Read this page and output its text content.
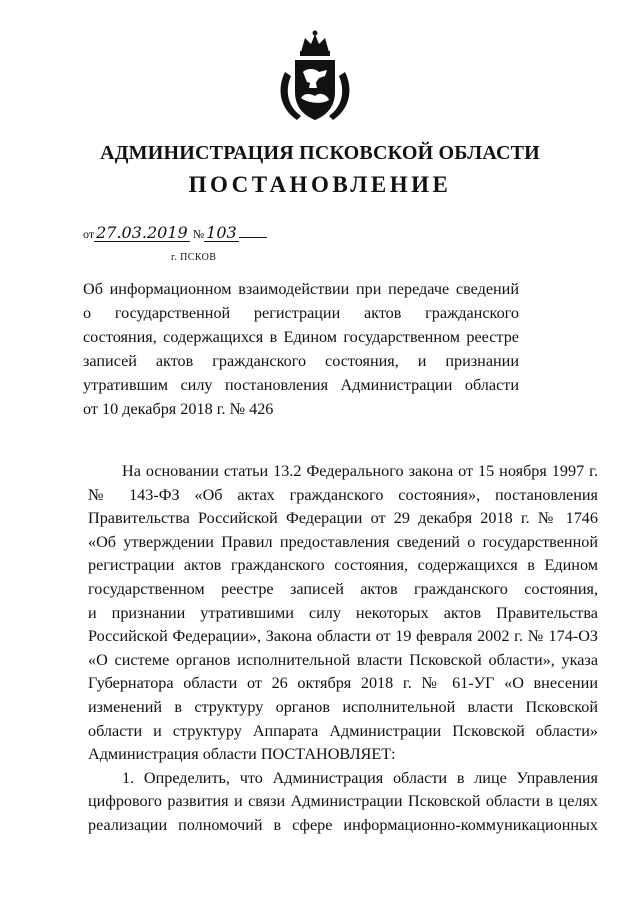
АДМИНИСТРАЦИЯ ПСКОВСКОЙ ОБЛАСТИ
ПОСТАНОВЛЕНИЕ
от 27.03.2019 № 103
г. ПСКОВ
Об информационном взаимодействии при передаче сведений
о государственной регистрации актов гражданского
состояния, содержащихся в Едином государственном реестре
записей актов гражданского состояния, и признании
утратившим силу постановления Администрации области
от 10 декабря 2018 г. № 426
На основании статьи 13.2 Федерального закона от 15 ноября 1997 г.
№ 143-ФЗ «Об актах гражданского состояния», постановления
Правительства Российской Федерации от 29 декабря 2018 г. № 1746
«Об утверждении Правил предоставления сведений о государственной
регистрации актов гражданского состояния, содержащихся в Едином
государственном реестре записей актов гражданского состояния,
и признании утратившими силу некоторых актов Правительства
Российской Федерации», Закона области от 19 февраля 2002 г. № 174-ОЗ
«О системе органов исполнительной власти Псковской области», указа
Губернатора области от 26 октября 2018 г. № 61-УГ «О внесении
изменений в структуру органов исполнительной власти Псковской
области и структуру Аппарата Администрации Псковской области»
Администрация области ПОСТАНОВЛЯЕТ:
1. Определить, что Администрация области в лице Управления
цифрового развития и связи Администрации Псковской области в целях
реализации полномочий в сфере информационно-коммуникационных
